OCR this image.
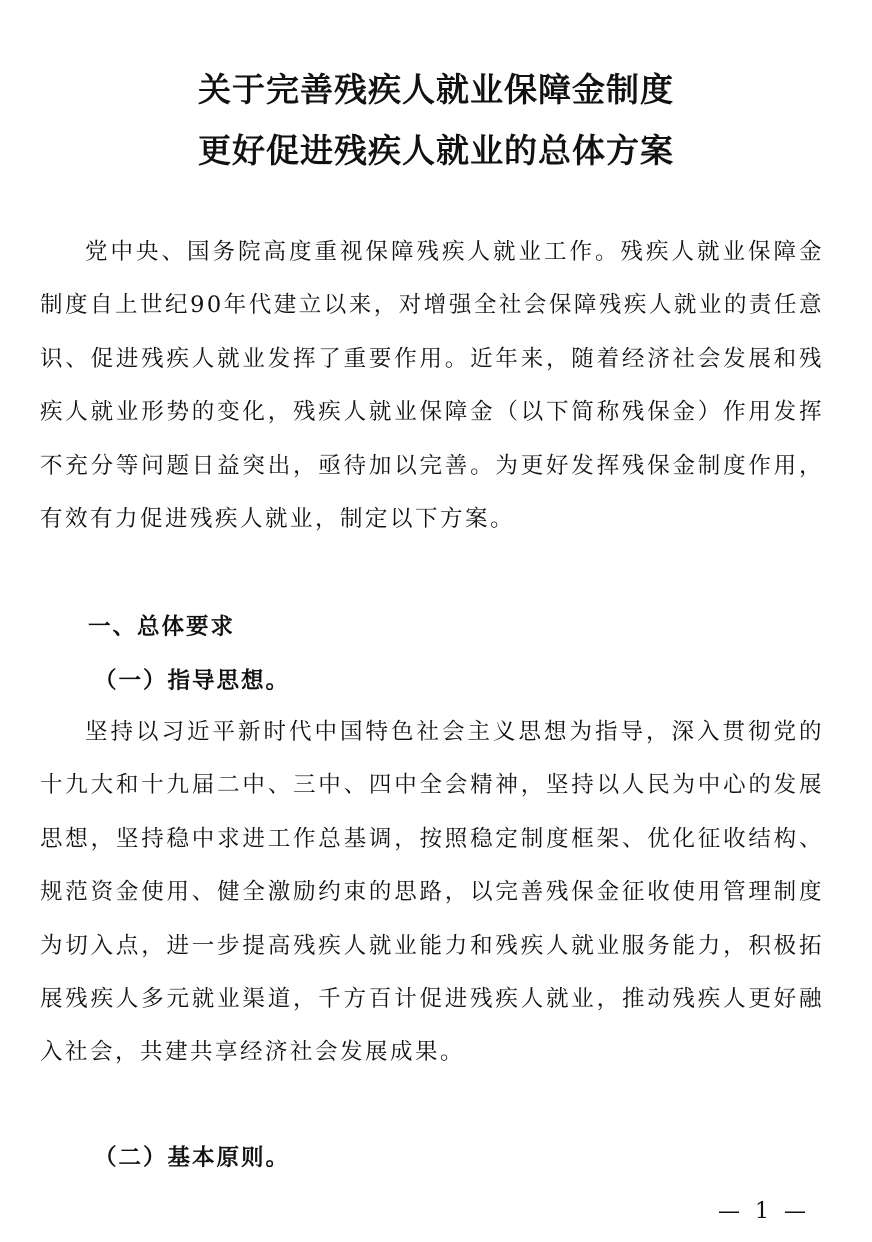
关于完善残疾人就业保障金制度
更好促进残疾人就业的总体方案

党中央、国务院高度重视保障残疾人就业工作。残疾人就业保障金制度自上世纪90年代建立以来，对增强全社会保障残疾人就业的责任意识、促进残疾人就业发挥了重要作用。近年来，随着经济社会发展和残疾人就业形势的变化，残疾人就业保障金（以下简称残保金）作用发挥不充分等问题日益突出，亟待加以完善。为更好发挥残保金制度作用，有效有力促进残疾人就业，制定以下方案。

一、总体要求
（一）指导思想。

坚持以习近平新时代中国特色社会主义思想为指导，深入贯彻党的十九大和十九届二中、三中、四中全会精神，坚持以人民为中心的发展思想，坚持稳中求进工作总基调，按照稳定制度框架、优化征收结构、规范资金使用、健全激励约束的思路，以完善残保金征收使用管理制度为切入点，进一步提高残疾人就业能力和残疾人就业服务能力，积极拓展残疾人多元就业渠道，千方百计促进残疾人就业，推动残疾人更好融入社会，共建共享经济社会发展成果。

（二）基本原则。
— 1 —
